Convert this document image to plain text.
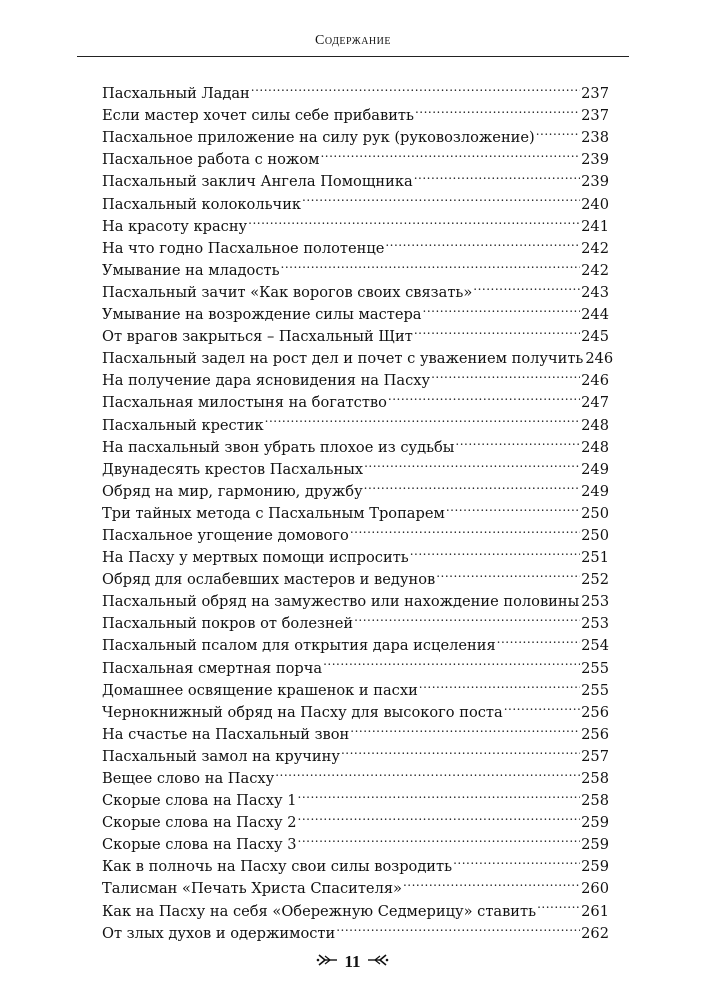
Содержание
Пасхальный Ладан .....	237
Если мастер хочет силы себе прибавить .....	237
Пасхальное приложение на силу рук (руковозложение) .....	238
Пасхальное работа с ножом .....	239
Пасхальный заклич Ангела Помощника .....	239
Пасхальный колокольчик .....	240
На красоту красну .....	241
На что годно Пасхальное полотенце .....	242
Умывание на младость .....	242
Пасхальный зачит «Как ворогов своих связать» .....	243
Умывание на возрождение силы мастера .....	244
От врагов закрыться – Пасхальный Щит .....	245
Пасхальный задел на рост дел и почет с уважением получить 246
На получение дара ясновидения на Пасху .....	246
Пасхальная милостыня на богатство .....	247
Пасхальный крестик .....	248
На пасхальный звон убрать плохое из судьбы .....	248
Двунадесять крестов Пасхальных .....	249
Обряд на мир, гармонию, дружбу .....	249
Три тайных метода с Пасхальным Тропарем .....	250
Пасхальное угощение домового .....	250
На Пасху у мертвых помощи испросить .....	251
Обряд для ослабевших мастеров и ведунов .....	252
Пасхальный обряд на замужество или нахождение половины 253
Пасхальный покров от болезней .....	253
Пасхальный псалом для открытия дара исцеления .....	254
Пасхальная смертная порча .....	255
Домашнее освящение крашенок и пасхи .....	255
Чернокнижный обряд на Пасху для высокого поста .....	256
На счастье на Пасхальный звон .....	256
Пасхальный замол на кручину .....	257
Вещее слово на Пасху .....	258
Скорые слова на Пасху 1 .....	258
Скорые слова на Пасху 2 .....	259
Скорые слова на Пасху 3 .....	259
Как в полночь на Пасху свои силы возродить .....	259
Талисман «Печать Христа Спасителя» .....	260
Как на Пасху на себя «Обережную Седмерицу» ставить .....	261
От злых духов и одержимости .....	262
11
